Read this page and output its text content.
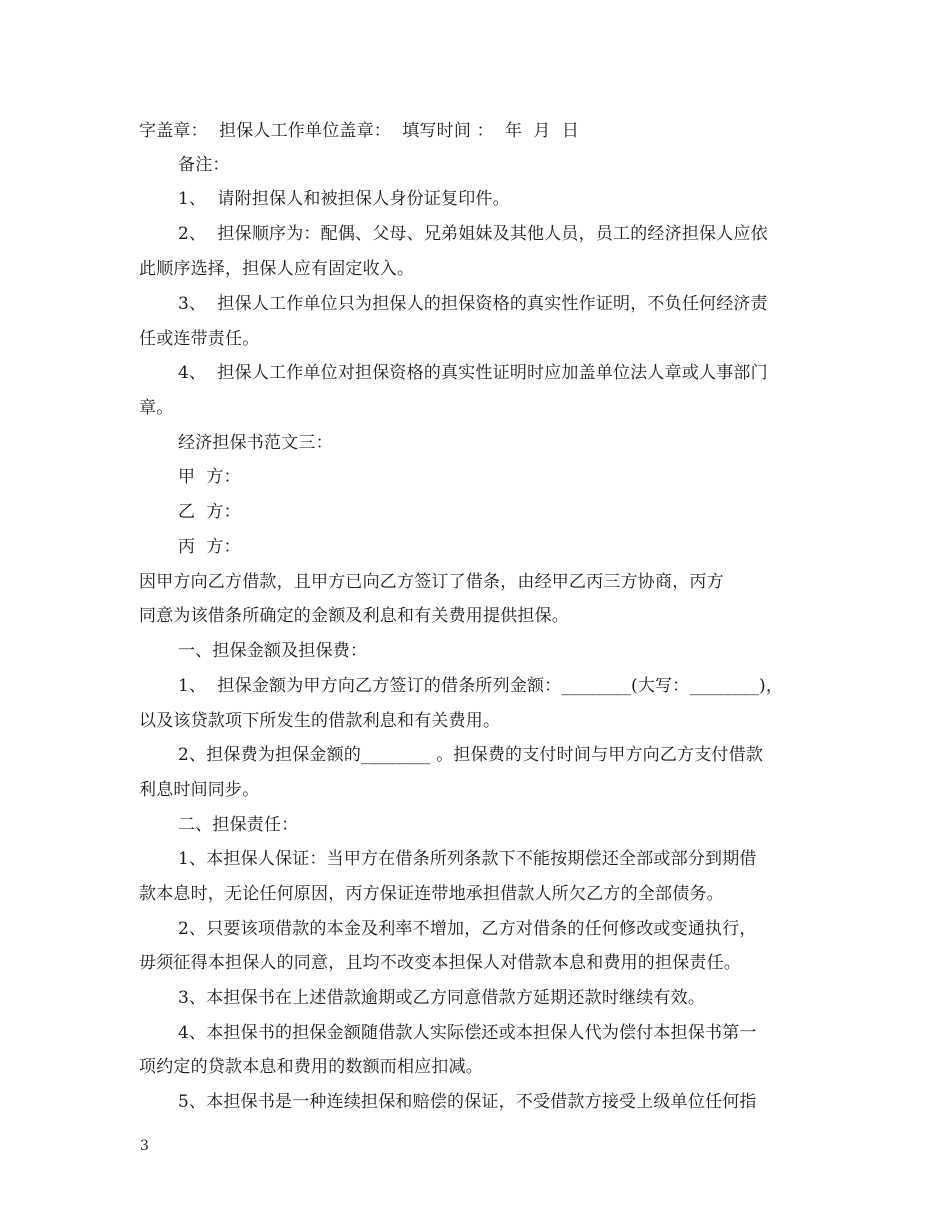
字盖章：  担保人工作单位盖章：  填写时间 ：  年  月  日
备注：
1、  请附担保人和被担保人身份证复印件。
2、  担保顺序为：配偶、父母、兄弟姐妹及其他人员，员工的经济担保人应依
此顺序选择，担保人应有固定收入。
3、  担保人工作单位只为担保人的担保资格的真实性作证明，不负任何经济责
任或连带责任。
4、  担保人工作单位对担保资格的真实性证明时应加盖单位法人章或人事部门
章。
经济担保书范文三：
甲  方：
乙  方：
丙  方：
因甲方向乙方借款，且甲方已向乙方签订了借条，由经甲乙丙三方协商，丙方
同意为该借条所确定的金额及利息和有关费用提供担保。
一、担保金额及担保费：
1、  担保金额为甲方向乙方签订的借条所列金额：________(大写：________)，
以及该贷款项下所发生的借款利息和有关费用。
2、担保费为担保金额的________ 。担保费的支付时间与甲方向乙方支付借款
利息时间同步。
二、担保责任：
1、本担保人保证：当甲方在借条所列条款下不能按期偿还全部或部分到期借
款本息时，无论任何原因，丙方保证连带地承担借款人所欠乙方的全部债务。
2、只要该项借款的本金及利率不增加，乙方对借条的任何修改或变通执行，
毋须征得本担保人的同意，且均不改变本担保人对借款本息和费用的担保责任。
3、本担保书在上述借款逾期或乙方同意借款方延期还款时继续有效。
4、本担保书的担保金额随借款人实际偿还或本担保人代为偿付本担保书第一
项约定的贷款本息和费用的数额而相应扣减。
5、本担保书是一种连续担保和赔偿的保证，不受借款方接受上级单位任何指
3
